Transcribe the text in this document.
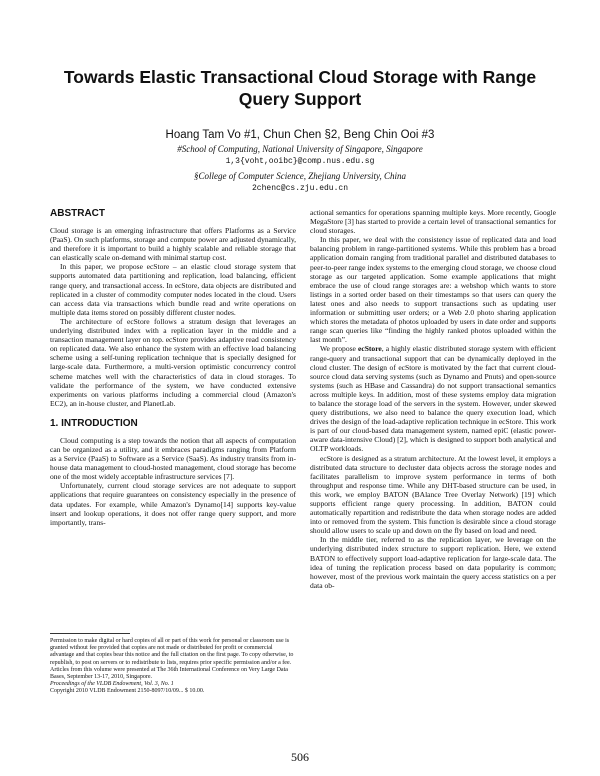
Towards Elastic Transactional Cloud Storage with Range Query Support
Hoang Tam Vo #1, Chun Chen §2, Beng Chin Ooi #3
#School of Computing, National University of Singapore, Singapore
1,3{voht,ooibc}@comp.nus.edu.sg
§College of Computer Science, Zhejiang University, China
2chenc@cs.zju.edu.cn
ABSTRACT

Cloud storage is an emerging infrastructure that offers Platforms as a Service (PaaS). On such platforms, storage and compute power are adjusted dynamically, and therefore it is important to build a highly scalable and reliable storage that can elastically scale on-demand with minimal startup cost.

In this paper, we propose ecStore – an elastic cloud storage system that supports automated data partitioning and replication, load balancing, efficient range query, and transactional access. In ecStore, data objects are distributed and replicated in a cluster of commodity computer nodes located in the cloud. Users can access data via transactions which bundle read and write operations on multiple data items stored on possibly different cluster nodes.

The architecture of ecStore follows a stratum design that leverages an underlying distributed index with a replication layer in the middle and a transaction management layer on top. ecStore provides adaptive read consistency on replicated data. We also enhance the system with an effective load balancing scheme using a self-tuning replication technique that is specially designed for large-scale data. Furthermore, a multi-version optimistic concurrency control scheme matches well with the characteristics of data in cloud storages. To validate the performance of the system, we have conducted extensive experiments on various platforms including a commercial cloud (Amazon's EC2), an in-house cluster, and PlanetLab.

1. INTRODUCTION

Cloud computing is a step towards the notion that all aspects of computation can be organized as a utility, and it embraces paradigms ranging from Platform as a Service (PaaS) to Software as a Service (SaaS). As industry transits from in-house data management to cloud-hosted management, cloud storage has become one of the most widely acceptable infrastructure services [7].

Unfortunately, current cloud storage services are not adequate to support applications that require guarantees on consistency especially in the presence of data updates. For example, while Amazon's Dynamo[14] supports key-value insert and lookup operations, it does not offer range query support, and more importantly, trans-

Permission to make digital or hard copies of all or part of this work for personal or classroom use is granted without fee provided that copies are not made or distributed for profit or commercial advantage and that copies bear this notice and the full citation on the first page. To copy otherwise, to republish, to post on servers or to redistribute to lists, requires prior specific permission and/or a fee. Articles from this volume were presented at The 36th International Conference on Very Large Data Bases, September 13-17, 2010, Singapore.

Proceedings of the VLDB Endowment, Vol. 3, No. 1

Copyright 2010 VLDB Endowment 2150-8097/10/09... $ 10.00.

actional semantics for operations spanning multiple keys. More recently, Google MegaStore [3] has started to provide a certain level of transactional semantics for cloud storages.

In this paper, we deal with the consistency issue of replicated data and load balancing problem in range-partitioned systems. While this problem has a broad application domain ranging from traditional parallel and distributed databases to peer-to-peer range index systems to the emerging cloud storage, we choose cloud storage as our targeted application. Some example applications that might embrace the use of cloud range storages are: a webshop which wants to store listings in a sorted order based on their timestamps so that users can query the latest ones and also needs to support transactions such as updating user information or submitting user orders; or a Web 2.0 photo sharing application which stores the metadata of photos uploaded by users in date order and supports range scan queries like “finding the highly ranked photos uploaded within the last month”.

We propose ecStore, a highly elastic distributed storage system with efficient range-query and transactional support that can be dynamically deployed in the cloud cluster. The design of ecStore is motivated by the fact that current cloud-source cloud data serving systems (such as Dynamo and Pnuts) and open-source systems (such as HBase and Cassandra) do not support transactional semantics across multiple keys. In addition, most of these systems employ data migration to balance the storage load of the servers in the system. However, under skewed query distributions, we also need to balance the query execution load, which drives the design of the load-adaptive replication technique in ecStore. This work is part of our cloud-based data management system, named epiC (elastic power-aware data-intensive Cloud) [2], which is designed to support both analytical and OLTP workloads.

ecStore is designed as a stratum architecture. At the lowest level, it employs a distributed data structure to decluster data objects across the storage nodes and facilitates parallelism to improve system performance in terms of both throughput and response time. While any DHT-based structure can be used, in this work, we employ BATON (BAlance Tree Overlay Network) [19] which supports efficient range query processing. In addition, BATON could automatically repartition and redistribute the data when storage nodes are added into or removed from the system. This function is desirable since a cloud storage should allow users to scale up and down on the fly based on load and need.

In the middle tier, referred to as the replication layer, we leverage on the underlying distributed index structure to support replication. Here, we extend BATON to effectively support load-adaptive replication for large-scale data. The idea of tuning the replication process based on data popularity is common; however, most of the previous work maintain the query access statistics on a per data ob-

506
